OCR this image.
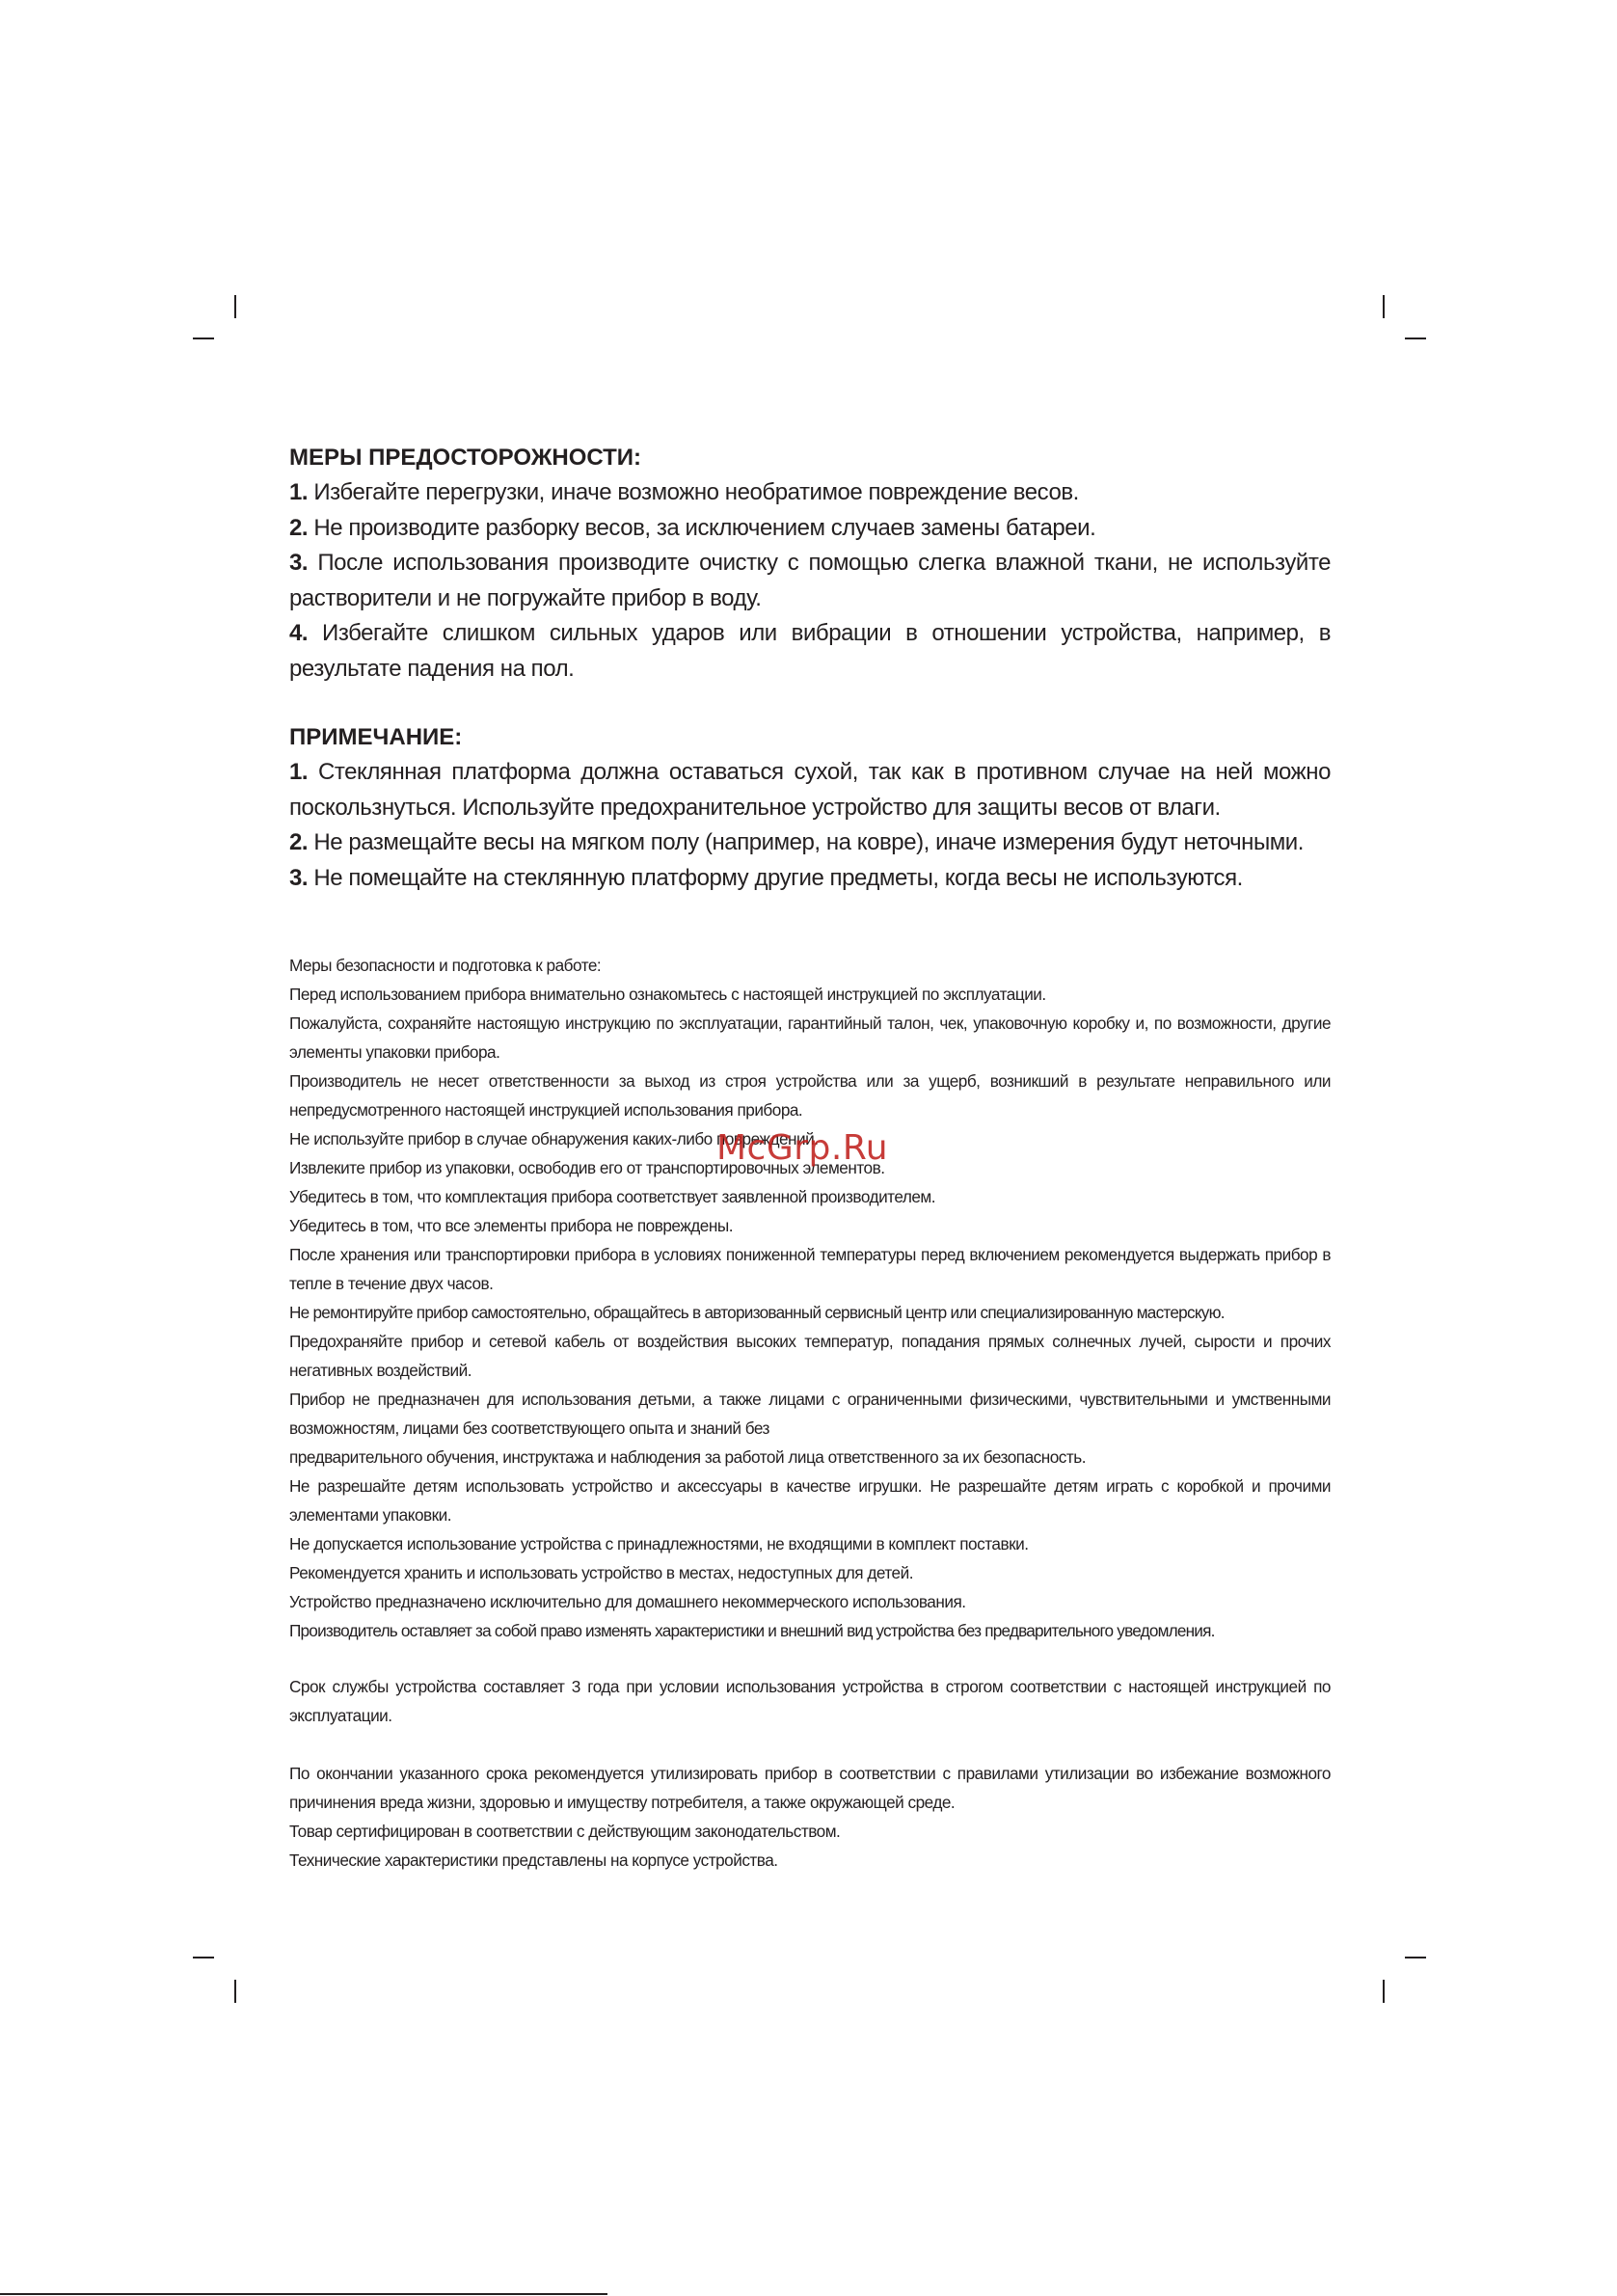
МЕРЫ ПРЕДОСТОРОЖНОСТИ:
1. Избегайте перегрузки, иначе возможно необратимое повреждение весов.
2. Не производите разборку весов, за исключением случаев замены батареи.
3. После использования производите очистку с помощью слегка влажной ткани, не используйте растворители и не погружайте прибор в воду.
4. Избегайте слишком сильных ударов или вибрации в отношении устройства, например, в результате падения на пол.
ПРИМЕЧАНИЕ:
1. Стеклянная платформа должна оставаться сухой, так как в противном случае на ней можно поскользнуться. Используйте предохранительное устройство для защиты весов от влаги.
2. Не размещайте весы на мягком полу (например, на ковре), иначе измерения будут неточными.
3. Не помещайте на стеклянную платформу другие предметы, когда весы не используются.

Меры безопасности и подготовка к работе:

Перед использованием прибора внимательно ознакомьтесь с настоящей инструкцией по эксплуатации.

Пожалуйста, сохраняйте настоящую инструкцию по эксплуатации, гарантийный талон, чек, упаковочную коробку и, по возможности, другие элементы упаковки прибора.

Производитель не несет ответственности за выход из строя устройства или за ущерб, возникший в результате неправильного или непредусмотренного настоящей инструкцией использования прибора.

Не используйте прибор в случае обнаружения каких-либо повреждений.

Извлеките прибор из упаковки, освободив его от транспортировочных элементов.

Убедитесь в том, что комплектация прибора соответствует заявленной производителем.

Убедитесь в том, что все элементы прибора не повреждены.

После хранения или транспортировки прибора в условиях пониженной температуры перед включением рекомендуется выдержать прибор в тепле в течение двух часов.

Не ремонтируйте прибор самостоятельно, обращайтесь в авторизованный сервисный центр или специализированную мастерскую.

Предохраняйте прибор и сетевой кабель от воздействия высоких температур, попадания прямых солнечных лучей, сырости и прочих негативных воздействий.

Прибор не предназначен для использования детьми, а также лицами с ограниченными физическими, чувствительными и умственными возможностям, лицами без соответствующего опыта и знаний без

предварительного обучения, инструктажа и наблюдения за работой лица ответственного за их безопасность.

Не разрешайте детям использовать устройство и аксессуары в качестве игрушки. Не разрешайте детям играть с коробкой и прочими элементами упаковки.

Не допускается использование устройства с принадлежностями, не входящими в комплект поставки.

Рекомендуется хранить и использовать устройство в местах, недоступных для детей.

Устройство предназначено исключительно для домашнего некоммерческого использования.

Производитель оставляет за собой право изменять характеристики и внешний вид устройства без предварительного уведомления.

Срок службы устройства составляет 3 года при условии использования устройства в строгом соответствии с настоящей инструкцией по эксплуатации.

По окончании указанного срока рекомендуется утилизировать прибор в соответствии с правилами утилизации во избежание возможного причинения вреда жизни, здоровью и имуществу потребителя, а также окружающей среде.

Товар сертифицирован в соответствии с действующим законодательством.

Технические характеристики представлены на корпусе устройства.

McGrp.Ru
